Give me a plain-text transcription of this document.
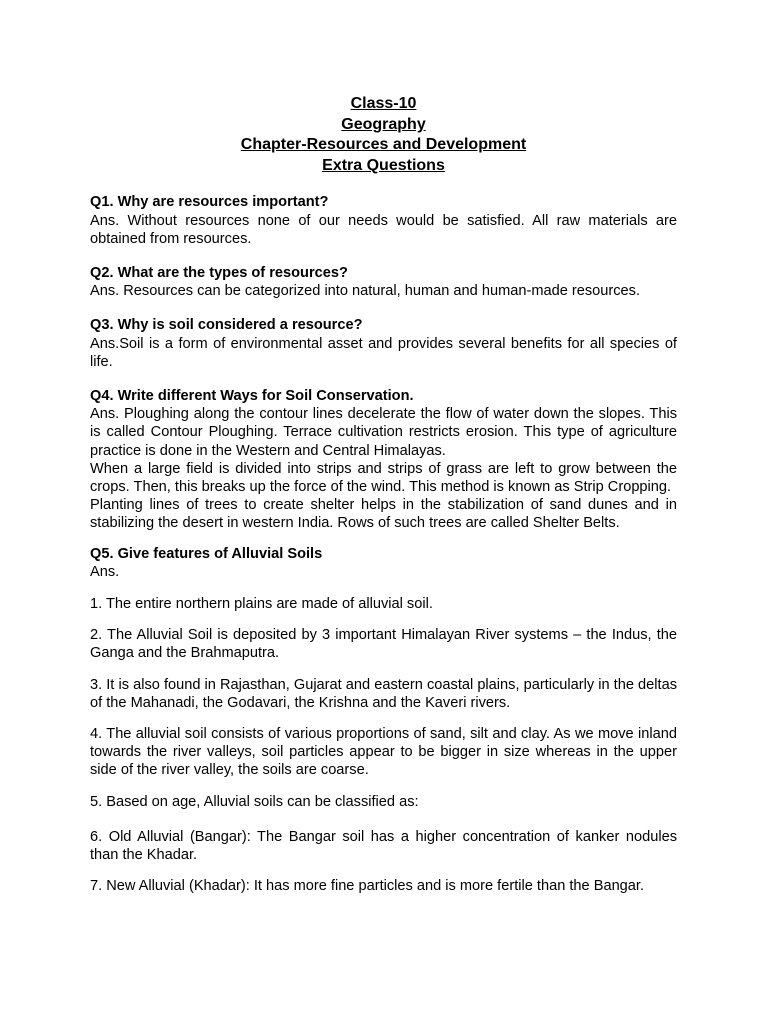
Class-10
Geography
Chapter-Resources and Development
Extra Questions

Q1. Why are resources important?

Ans. Without resources none of our needs would be satisfied. All raw materials are obtained from resources.

Q2. What are the types of resources?

Ans. Resources can be categorized into natural, human and human-made resources.

Q3. Why is soil considered a resource?

Ans.Soil is a form of environmental asset and provides several benefits for all species of life.

Q4. Write different Ways for Soil Conservation.

Ans. Ploughing along the contour lines decelerate the flow of water down the slopes. This is called Contour Ploughing. Terrace cultivation restricts erosion. This type of agriculture practice is done in the Western and Central Himalayas.

When a large field is divided into strips and strips of grass are left to grow between the crops. Then, this breaks up the force of the wind. This method is known as Strip Cropping.

Planting lines of trees to create shelter helps in the stabilization of sand dunes and in stabilizing the desert in western India. Rows of such trees are called Shelter Belts.

Q5. Give features of Alluvial Soils

Ans.

1. The entire northern plains are made of alluvial soil.

2. The Alluvial Soil is deposited by 3 important Himalayan River systems – the Indus, the Ganga and the Brahmaputra.

3. It is also found in Rajasthan, Gujarat and eastern coastal plains, particularly in the deltas of the Mahanadi, the Godavari, the Krishna and the Kaveri rivers.

4. The alluvial soil consists of various proportions of sand, silt and clay. As we move inland towards the river valleys, soil particles appear to be bigger in size whereas in the upper side of the river valley, the soils are coarse.

5. Based on age, Alluvial soils can be classified as:

6. Old Alluvial (Bangar): The Bangar soil has a higher concentration of kanker nodules than the Khadar.

7. New Alluvial (Khadar): It has more fine particles and is more fertile than the Bangar.
